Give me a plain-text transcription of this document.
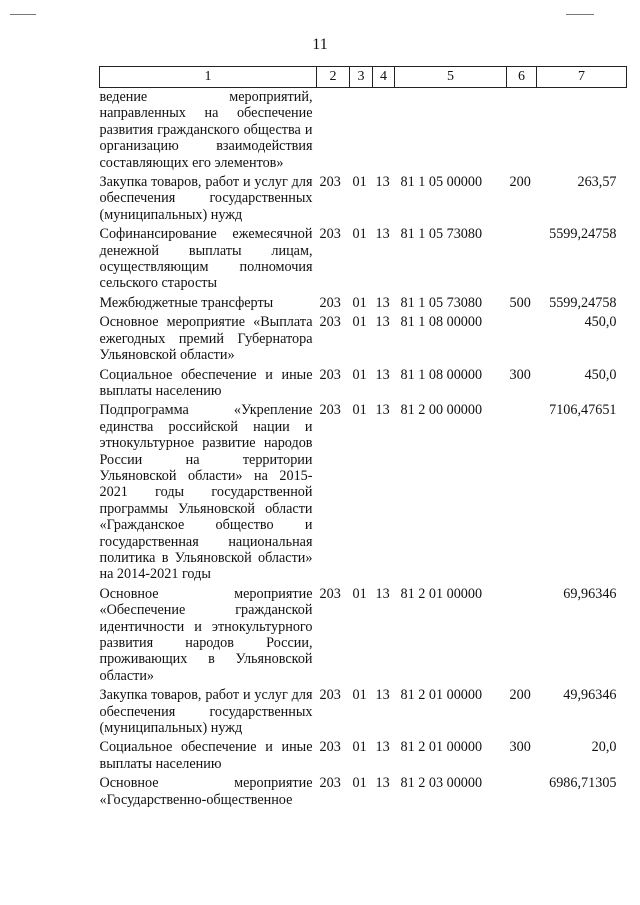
11
1	2	3	4	5	6	7
ведение мероприятий, направленных на обеспечение развития гражданского общества и организацию взаимодействия составляющих его элементов»						
Закупка товаров, работ и услуг для обеспечения государственных (муниципальных) нужд	203	01	13	81 1 05 00000	200	263,57
Софинансирование ежемесячной денежной выплаты лицам, осуществляющим полномочия сельского старосты	203	01	13	81 1 05 73080		5599,24758
Межбюджетные трансферты	203	01	13	81 1 05 73080	500	5599,24758
Основное мероприятие «Выплата ежегодных премий Губернатора Ульяновской области»	203	01	13	81 1 08 00000		450,0
Социальное обеспечение и иные выплаты населению	203	01	13	81 1 08 00000	300	450,0
Подпрограмма «Укрепление единства российской нации и этнокультурное развитие народов России на территории Ульяновской области» на 2015-2021 годы государственной программы Ульяновской области «Гражданское общество и государственная национальная политика в Ульяновской области» на 2014-2021 годы	203	01	13	81 2 00 00000		7106,47651
Основное мероприятие «Обеспечение гражданской идентичности и этнокультурного развития народов России, проживающих в Ульяновской области»	203	01	13	81 2 01 00000		69,96346
Закупка товаров, работ и услуг для обеспечения государственных (муниципальных) нужд	203	01	13	81 2 01 00000	200	49,96346
Социальное обеспечение и иные выплаты населению	203	01	13	81 2 01 00000	300	20,0
Основное мероприятие «Государственно-общественное	203	01	13	81 2 03 00000		6986,71305
